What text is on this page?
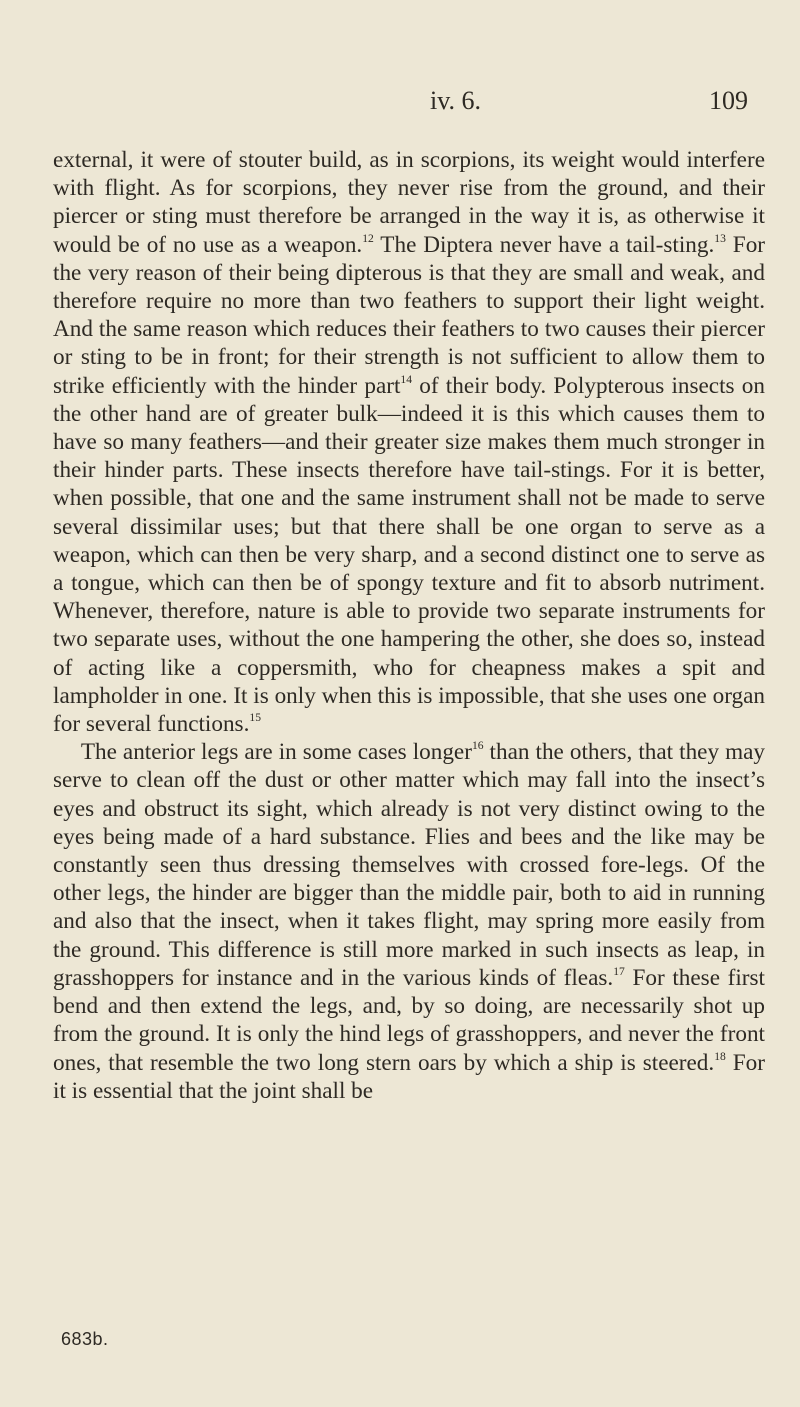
iv. 6.	109

external, it were of stouter build, as in scorpions, its weight would interfere with flight. As for scorpions, they never rise from the ground, and their piercer or sting must therefore be arranged in the way it is, as otherwise it would be of no use as a weapon.$^{12}$ The Diptera never have a tail-sting.$^{13}$ For the very reason of their being dipterous is that they are small and weak, and therefore require no more than two feathers to support their light weight. And the same reason which reduces their feathers to two causes their piercer or sting to be in front; for their strength is not sufficient to allow them to strike efficiently with the hinder part$^{14}$ of their body. Polypterous insects on the other hand are of greater bulk—indeed it is this which causes them to have so many feathers—and their greater size makes them much stronger in their hinder parts. These insects therefore have tail-stings. For it is better, when possible, that one and the same instrument shall not be made to serve several dissimilar uses; but that there shall be one organ to serve as a weapon, which can then be very sharp, and a second distinct one to serve as a tongue, which can then be of spongy texture and fit to absorb nutriment. Whenever, therefore, nature is able to provide two separate instruments for two separate uses, without the one hampering the other, she does so, instead of acting like a coppersmith, who for cheapness makes a spit and lampholder in one. It is only when this is impossible, that she uses one organ for several functions.$^{15}$

The anterior legs are in some cases longer$^{16}$ than the others, that they may serve to clean off the dust or other matter which may fall into the insect’s eyes and obstruct its sight, which already is not very distinct owing to the eyes being made of a hard substance. Flies and bees and the like may be constantly seen thus dressing themselves with crossed fore-legs. Of the other legs, the hinder are bigger than the middle pair, both to aid in running and also that the insect, when it takes flight, may spring more easily from the ground. This difference is still more marked in such insects as leap, in grasshoppers for instance and in the various kinds of fleas.$^{17}$ For these first bend and then extend the legs, and, by so doing, are necessarily shot up from the ground. It is only the hind legs of grasshoppers, and never the front ones, that resemble the two long stern oars by which a ship is steered.$^{18}$ For it is essential that the joint shall be

683b.
